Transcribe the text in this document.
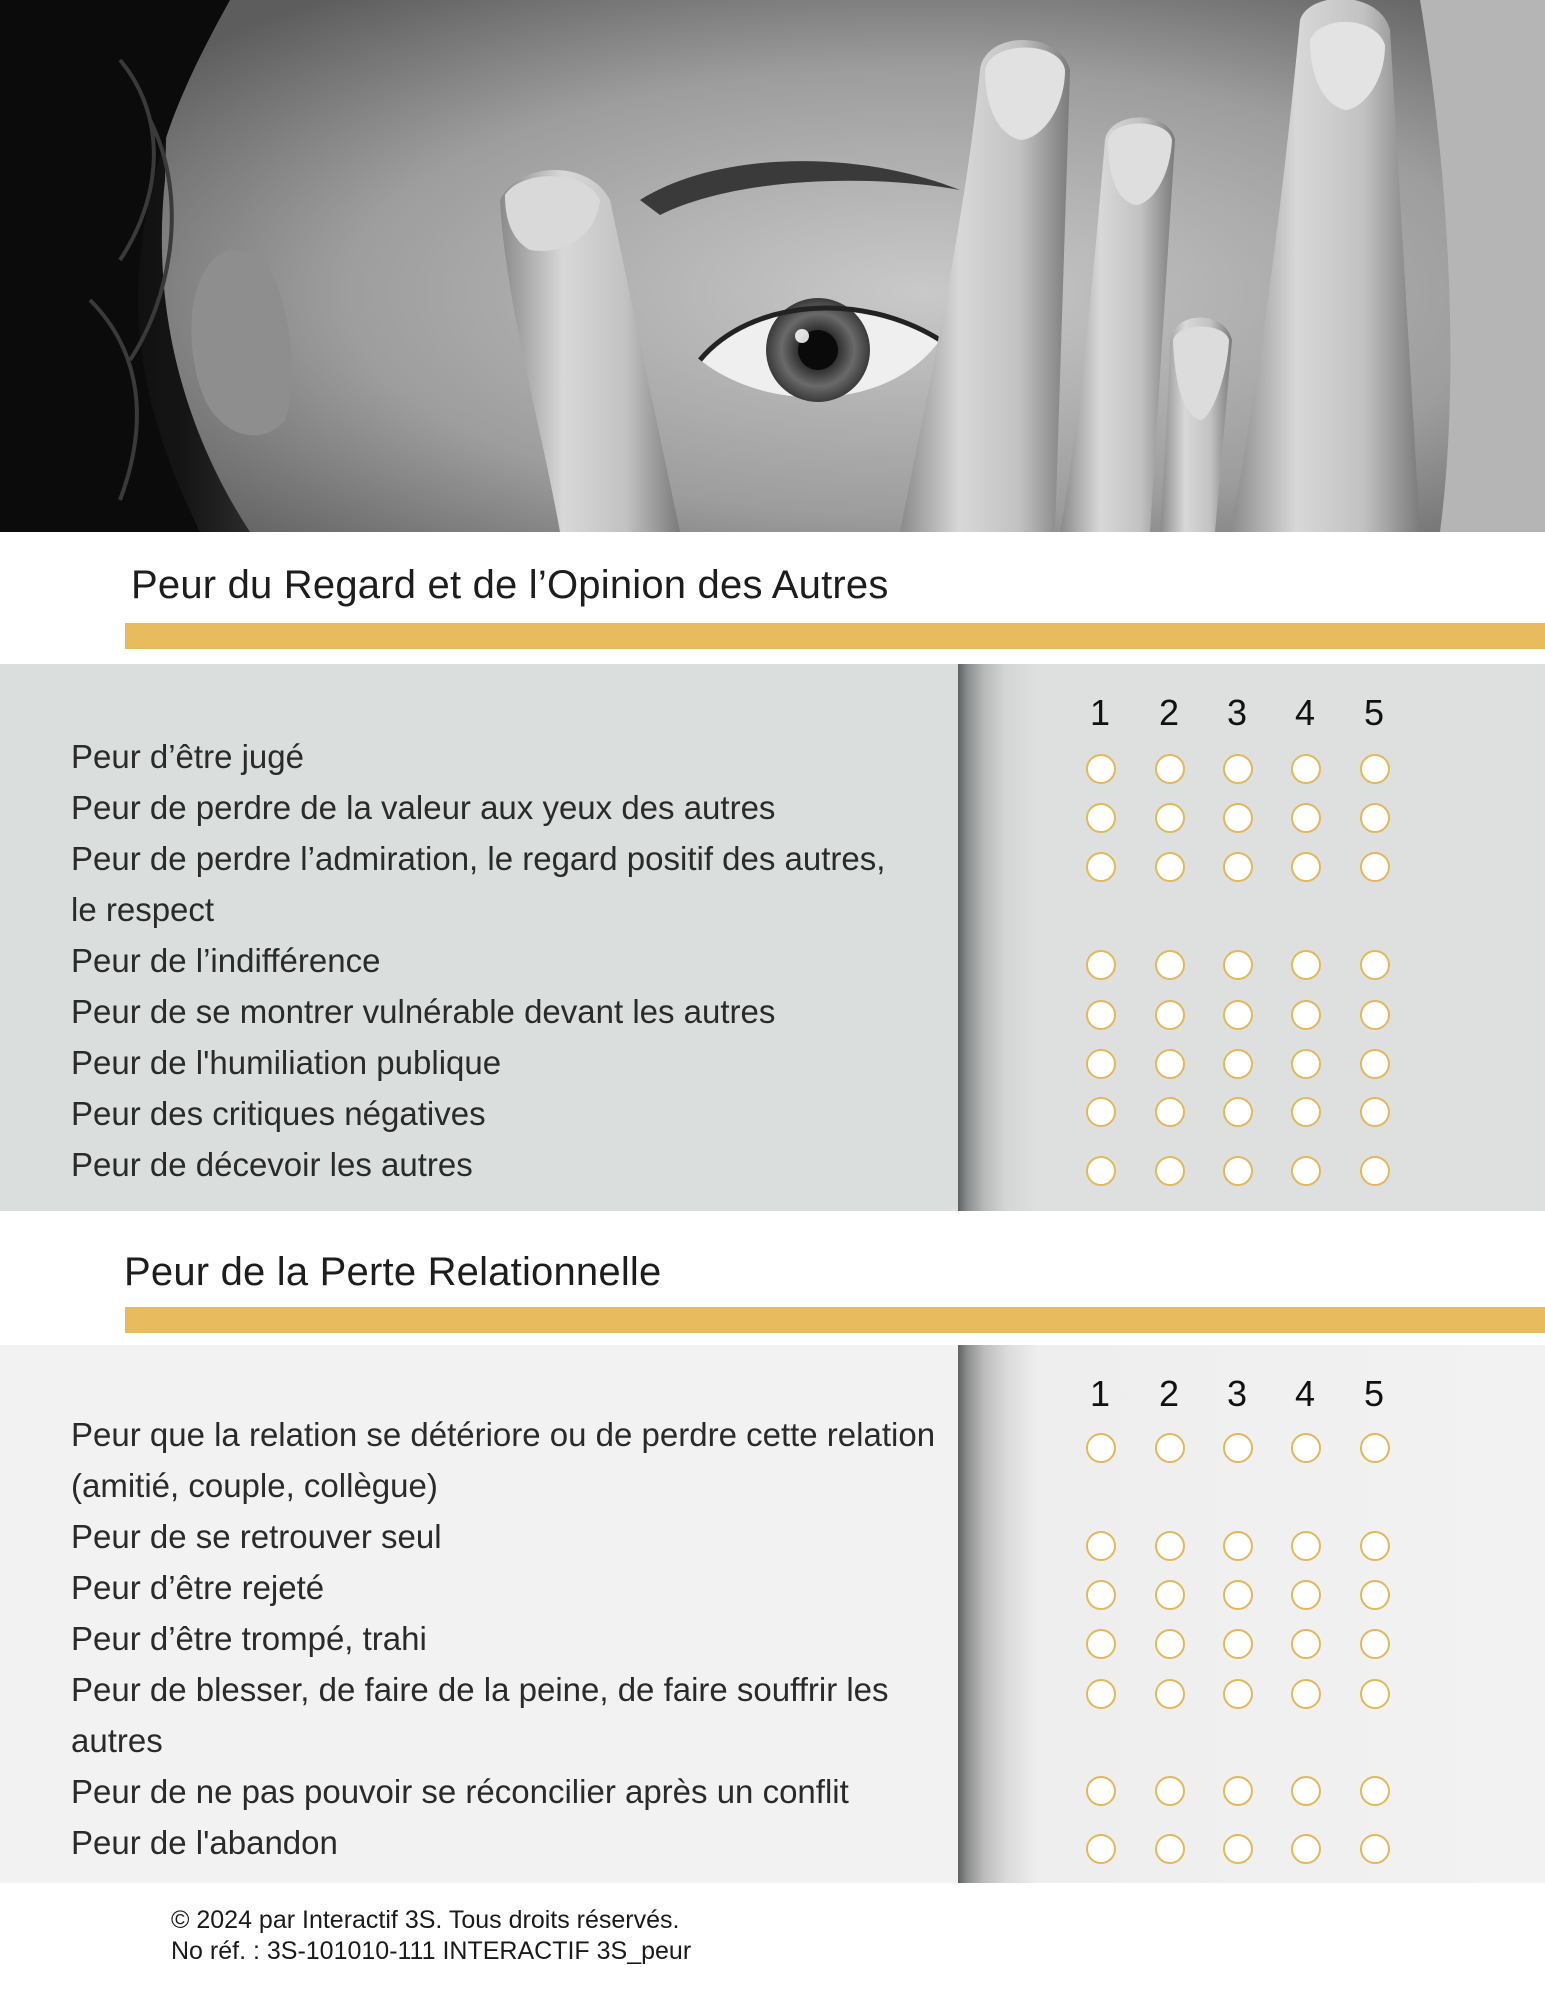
Peur du Regard et de l’Opinion des Autres
1	2	3	4	5

Peur d’être jugé

Peur de perdre de la valeur aux yeux des autres

Peur de perdre l’admiration, le regard positif des autres, le respect

Peur de l’indifférence

Peur de se montrer vulnérable devant les autres

Peur de l'humiliation publique

Peur des critiques négatives

Peur de décevoir les autres

Peur de la Perte Relationnelle
1	2	3	4	5

Peur que la relation se détériore ou de perdre cette relation (amitié, couple, collègue)

Peur de se retrouver seul

Peur d’être rejeté

Peur d’être trompé, trahi

Peur de blesser, de faire de la peine, de faire souffrir les autres

Peur de ne pas pouvoir se réconcilier après un conflit

Peur de l'abandon

© 2024 par Interactif 3S. Tous droits réservés.
No réf. : 3S-101010-111 INTERACTIF 3S_peur
